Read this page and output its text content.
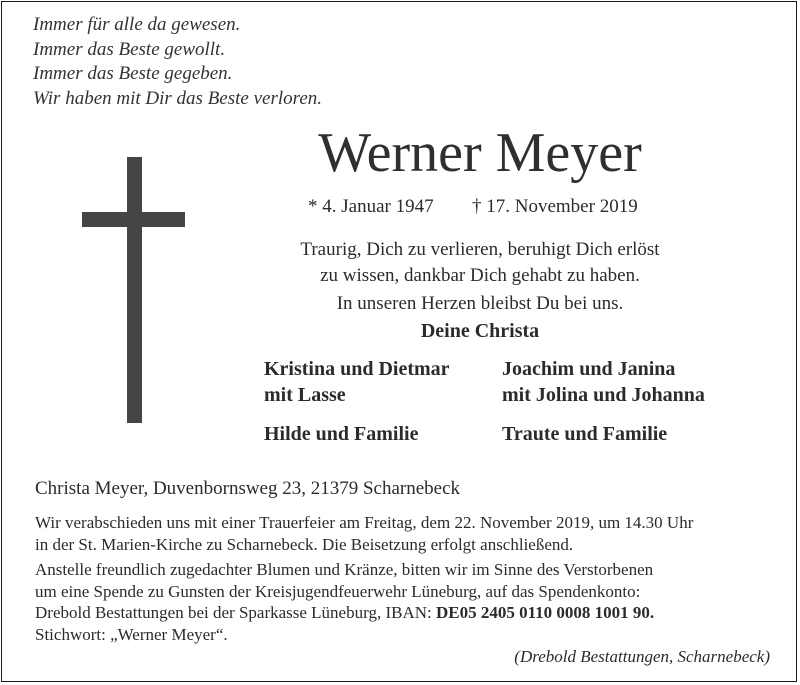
Immer für alle da gewesen.
Immer das Beste gewollt.
Immer das Beste gegeben.
Wir haben mit Dir das Beste verloren.
Werner Meyer
* 4. Januar 1947 † 17. November 2019
Traurig, Dich zu verlieren, beruhigt Dich erlöst
zu wissen, dankbar Dich gehabt zu haben.
In unseren Herzen bleibst Du bei uns.
Deine Christa
Kristina und Dietmar
mit Lasse
Joachim und Janina
mit Jolina und Johanna
Hilde und Familie	Traute und Familie
Christa Meyer, Duvenbornsweg 23, 21379 Scharnebeck
Wir verabschieden uns mit einer Trauerfeier am Freitag, dem 22. November 2019, um 14.30 Uhr
in der St. Marien-Kirche zu Scharnebeck. Die Beisetzung erfolgt anschließend.
Anstelle freundlich zugedachter Blumen und Kränze, bitten wir im Sinne des Verstorbenen
um eine Spende zu Gunsten der Kreisjugendfeuerwehr Lüneburg, auf das Spendenkonto:
Drebold Bestattungen bei der Sparkasse Lüneburg, IBAN: DE05 2405 0110 0008 1001 90.
Stichwort: „Werner Meyer“.
(Drebold Bestattungen, Scharnebeck)
